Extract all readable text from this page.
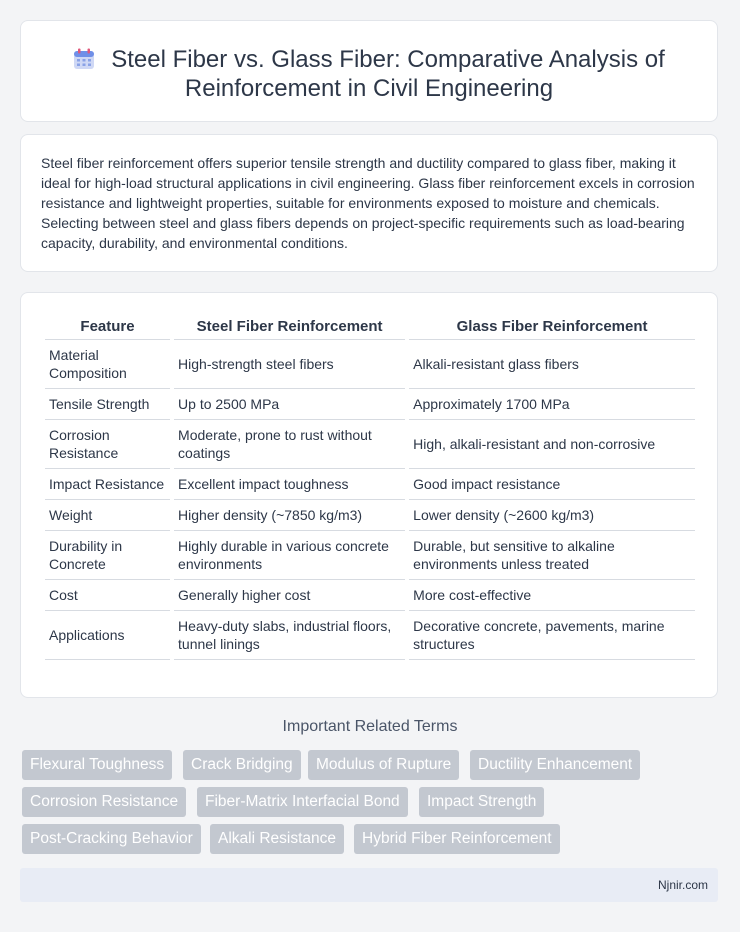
Steel Fiber vs. Glass Fiber: Comparative Analysis of
Reinforcement in Civil Engineering

Steel fiber reinforcement offers superior tensile strength and ductility compared to glass fiber, making it ideal for high-load structural applications in civil engineering. Glass fiber reinforcement excels in corrosion resistance and lightweight properties, suitable for environments exposed to moisture and chemicals. Selecting between steel and glass fibers depends on project-specific requirements such as load-bearing capacity, durability, and environmental conditions.

Feature	Steel Fiber Reinforcement	Glass Fiber Reinforcement
Material Composition	High-strength steel fibers	Alkali-resistant glass fibers
Tensile Strength	Up to 2500 MPa	Approximately 1700 MPa
Corrosion Resistance	Moderate, prone to rust without coatings	High, alkali-resistant and non-corrosive
Impact Resistance	Excellent impact toughness	Good impact resistance
Weight	Higher density (~7850 kg/m3)	Lower density (~2600 kg/m3)
Durability in Concrete	Highly durable in various concrete environments	Durable, but sensitive to alkaline environments unless treated
Cost	Generally higher cost	More cost-effective
Applications	Heavy-duty slabs, industrial floors, tunnel linings	Decorative concrete, pavements, marine structures
Important Related Terms
Flexural Toughness	Crack Bridging	Modulus of Rupture	Ductility Enhancement
Corrosion Resistance	Fiber-Matrix Interfacial Bond	Impact Strength
Post-Cracking Behavior	Alkali Resistance	Hybrid Fiber Reinforcement
Njnir.com
